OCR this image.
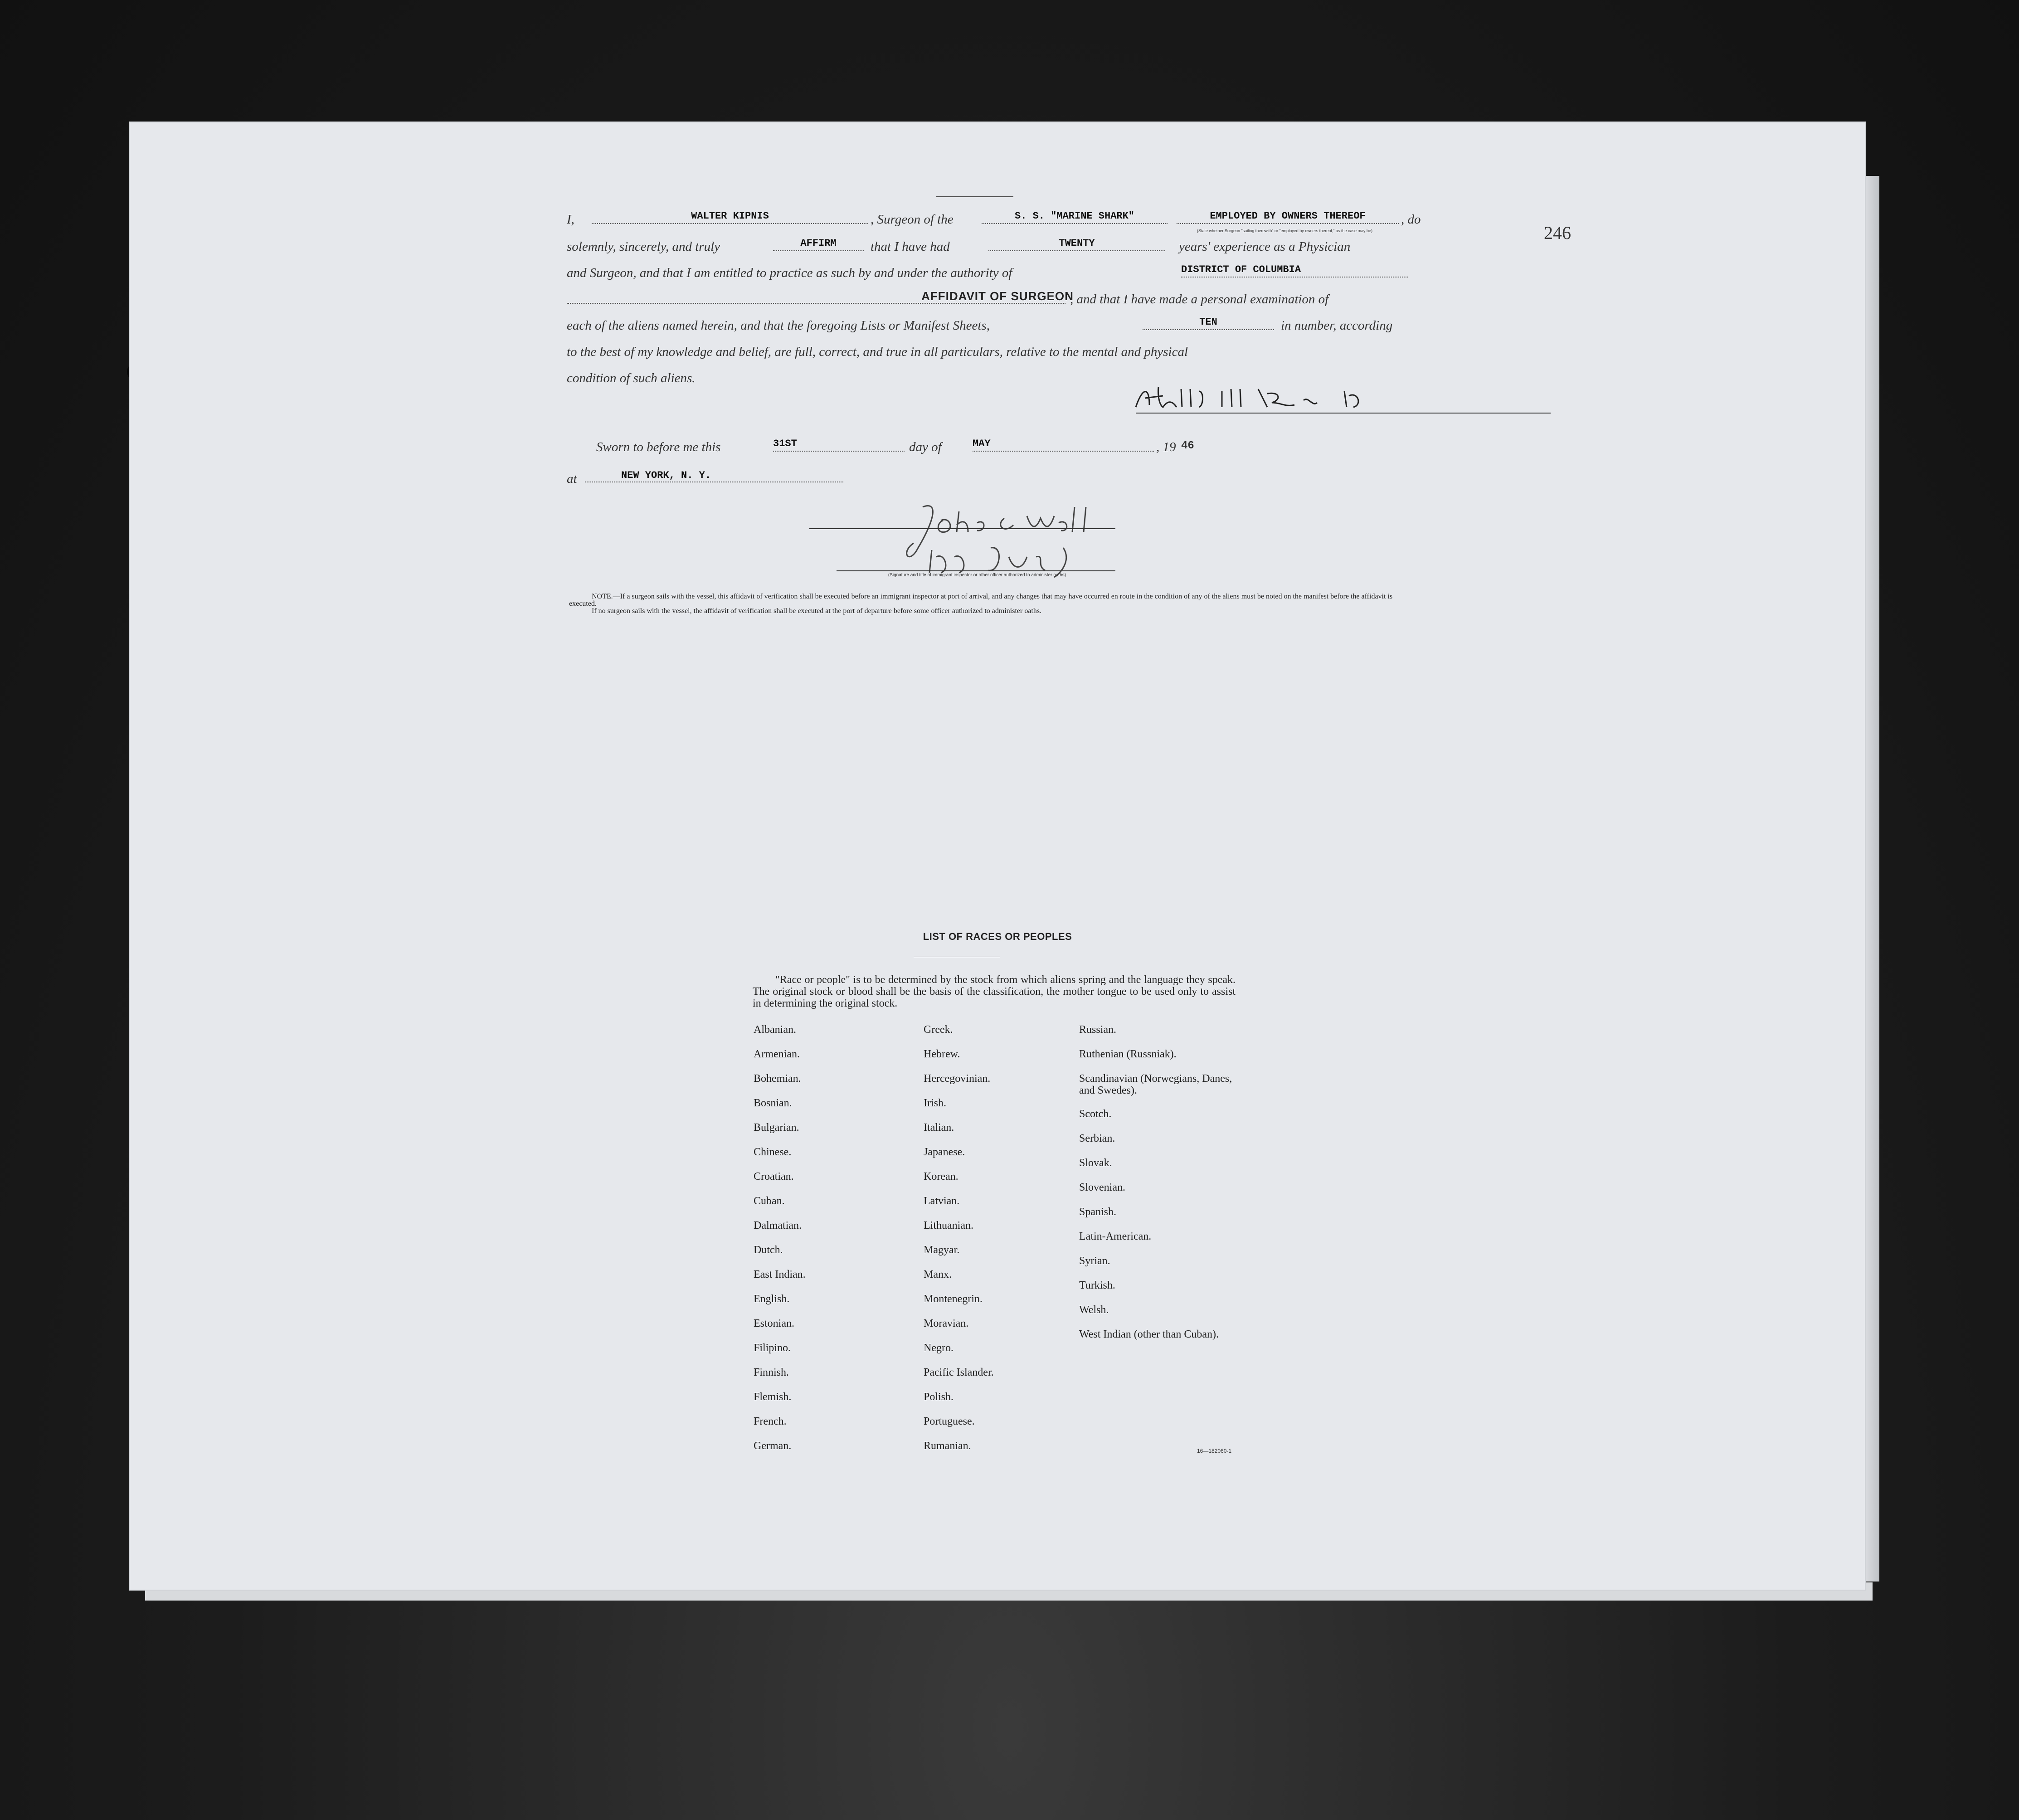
AFFIDAVIT OF SURGEON
246
I,	WALTER KIPNIS	, Surgeon of the	S. S. "MARINE SHARK"	EMPLOYED BY OWNERS THEREOF	, do
(State whether Surgeon "sailing therewith" or "employed by owners thereof," as the case may be)
solemnly, sincerely, and truly	AFFIRM	that I have had	TWENTY	years' experience as a Physician
and Surgeon, and that I am entitled to practice as such by and under the authority of	DISTRICT OF COLUMBIA
, and that I have made a personal examination of
each of the aliens named herein, and that the foregoing Lists or Manifest Sheets,	TEN	in number, according
to the best of my knowledge and belief, are full, correct, and true in all particulars, relative to the mental and physical
condition of such aliens.
Sworn to before me this	31ST	day of	MAY	, 19 46
at	NEW YORK, N. Y.
(Signature and title of immigrant inspector or other officer authorized to administer oaths)
NOTE.—If a surgeon sails with the vessel, this affidavit of verification shall be executed before an immigrant inspector at port of arrival, and any changes that may have occurred en route in the condition of any of the aliens must be noted on the manifest before the affidavit is executed.
If no surgeon sails with the vessel, the affidavit of verification shall be executed at the port of departure before some officer authorized to administer oaths.
LIST OF RACES OR PEOPLES
"Race or people" is to be determined by the stock from which aliens spring and the language they speak. The original stock or blood shall be the basis of the classification, the mother tongue to be used only to assist in determining the original stock.
Albanian.
Armenian.
Bohemian.
Bosnian.
Bulgarian.
Chinese.
Croatian.
Cuban.
Dalmatian.
Dutch.
East Indian.
English.
Estonian.
Filipino.
Finnish.
Flemish.
French.
German.
Greek.
Hebrew.
Hercegovinian.
Irish.
Italian.
Japanese.
Korean.
Latvian.
Lithuanian.
Magyar.
Manx.
Montenegrin.
Moravian.
Negro.
Pacific Islander.
Polish.
Portuguese.
Rumanian.
Russian.
Ruthenian (Russniak).
Scandinavian (Norwegians, Danes, and Swedes).
Scotch.
Serbian.
Slovak.
Slovenian.
Spanish.
Latin-American.
Syrian.
Turkish.
Welsh.
West Indian (other than Cuban).
16—182060-1
